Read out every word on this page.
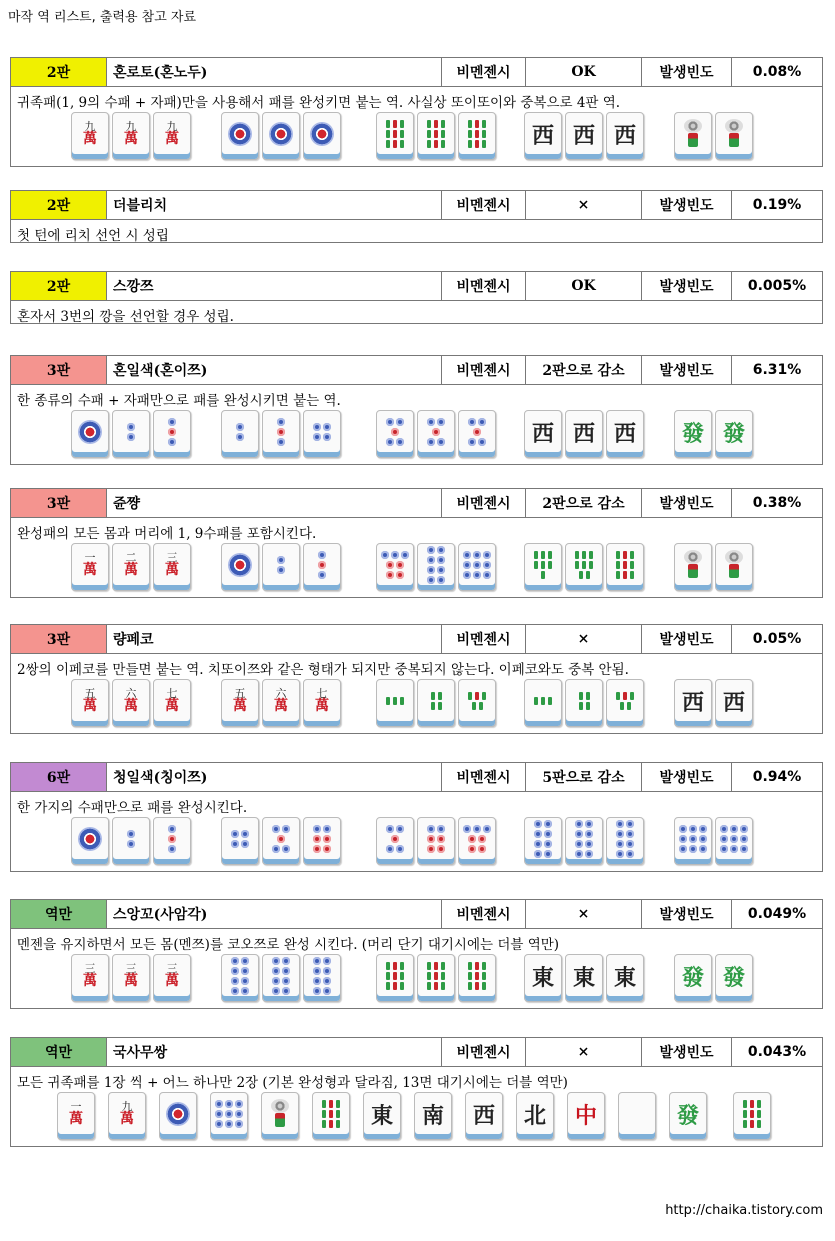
마작 역 리스트, 출력용 참고 자료
2판	혼로토(혼노두)	비멘젠시	OK	발생빈도	0.08%
귀족패(1, 9의 수패 + 자패)만을 사용해서 패를 완성키면 붙는 역. 사실상 또이또이와 중복으로 4판 역.
九
萬
九
萬
九
萬	西 西 西
2판	더블리치	비멘젠시	×	발생빈도	0.19%
첫 턴에 리치 선언 시 성립
2판	스깡쯔	비멘젠시	OK	발생빈도	0.005%
혼자서 3번의 깡을 선언할 경우 성립.
3판	혼일색(혼이쯔)	비멘젠시	2판으로 감소	발생빈도	6.31%
한 종류의 수패 + 자패만으로 패를 완성시키면 붙는 역.
西 西 西 發 發
3판	쥰쨩	비멘젠시	2판으로 감소	발생빈도	0.38%
완성패의 모든 몸과 머리에 1, 9수패를 포함시킨다.
一
萬
二
萬
三
萬
3판	량페코	비멘젠시	×	발생빈도	0.05%
2쌍의 이페코를 만들면 붙는 역. 치또이쯔와 같은 형태가 되지만 중복되지 않는다. 이페코와도 중복 안됨.
五
萬
六
萬
七
萬
五
萬
六
萬
七
萬	西 西
6판	청일색(칭이쯔)	비멘젠시	5판으로 감소	발생빈도	0.94%
한 가지의 수패만으로 패를 완성시킨다.
역만	스앙꼬(사암각)	비멘젠시	×	발생빈도	0.049%
멘젠을 유지하면서 모든 몸(멘쯔)를 코오쯔로 완성 시킨다. (머리 단기 대기시에는 더블 역만)
三
萬
三
萬
三
萬	東 東 東 發 發
역만	국사무쌍	비멘젠시	×	발생빈도	0.043%
모든 귀족패를 1장 씩 + 어느 하나만 2장 (기본 완성형과 달라짐, 13면 대기시에는 더블 역만)
一
萬
九
萬	東 南 西 北 中	發
http://chaika.tistory.com
